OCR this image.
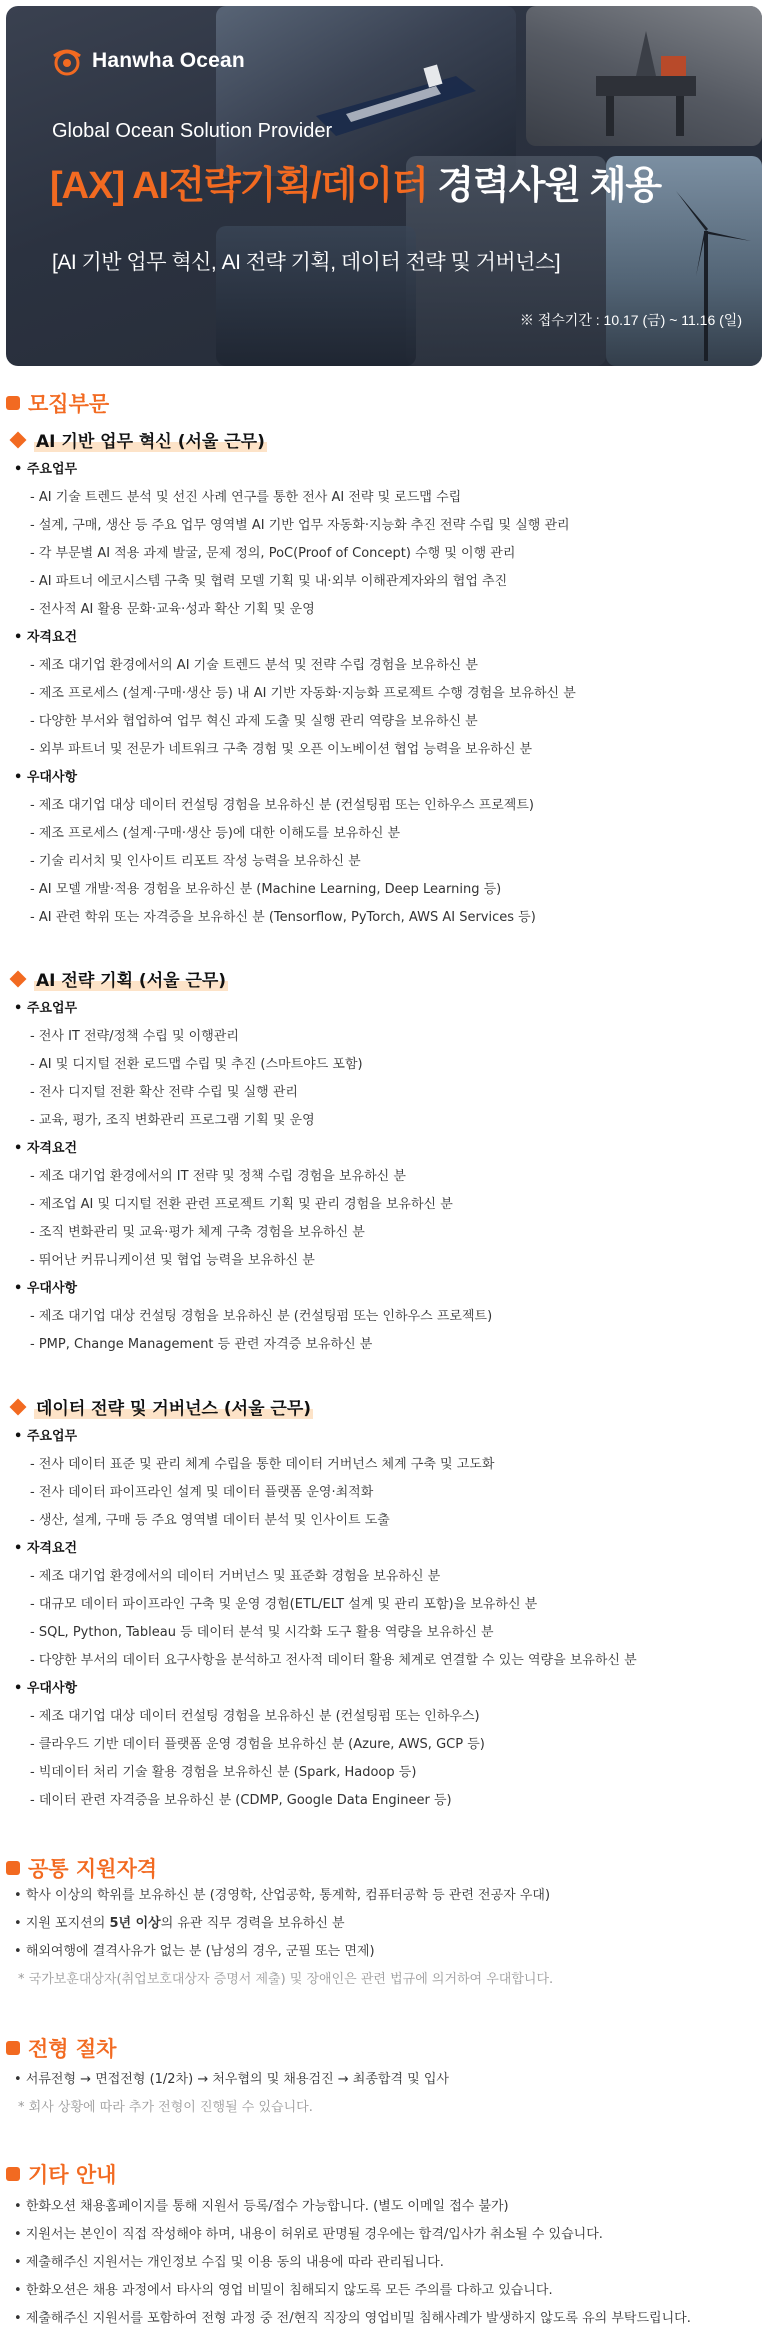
Hanwha Ocean
Global Ocean Solution Provider
[AX] AI전략기획/데이터 경력사원 채용
[AI 기반 업무 혁신, AI 전략 기획, 데이터 전략 및 거버넌스]
※ 접수기간 : 10.17 (금) ~ 11.16 (일)
모집부문
AI 기반 업무 혁신 (서울 근무)
• 주요업무
- AI 기술 트렌드 분석 및 선진 사례 연구를 통한 전사 AI 전략 및 로드맵 수립
- 설계, 구매, 생산 등 주요 업무 영역별 AI 기반 업무 자동화·지능화 추진 전략 수립 및 실행 관리
- 각 부문별 AI 적용 과제 발굴, 문제 정의, PoC(Proof of Concept) 수행 및 이행 관리
- AI 파트너 에코시스템 구축 및 협력 모델 기획 및 내·외부 이해관계자와의 협업 추진
- 전사적 AI 활용 문화·교육·성과 확산 기획 및 운영
• 자격요건
- 제조 대기업 환경에서의 AI 기술 트렌드 분석 및 전략 수립 경험을 보유하신 분
- 제조 프로세스 (설계·구매·생산 등) 내 AI 기반 자동화·지능화 프로젝트 수행 경험을 보유하신 분
- 다양한 부서와 협업하여 업무 혁신 과제 도출 및 실행 관리 역량을 보유하신 분
- 외부 파트너 및 전문가 네트워크 구축 경험 및 오픈 이노베이션 협업 능력을 보유하신 분
• 우대사항
- 제조 대기업 대상 데이터 컨설팅 경험을 보유하신 분 (컨설팅펌 또는 인하우스 프로젝트)
- 제조 프로세스 (설계·구매·생산 등)에 대한 이해도를 보유하신 분
- 기술 리서치 및 인사이트 리포트 작성 능력을 보유하신 분
- AI 모델 개발·적용 경험을 보유하신 분 (Machine Learning, Deep Learning 등)
- AI 관련 학위 또는 자격증을 보유하신 분 (Tensorflow, PyTorch, AWS AI Services 등)
AI 전략 기획 (서울 근무)
• 주요업무
- 전사 IT 전략/정책 수립 및 이행관리
- AI 및 디지털 전환 로드맵 수립 및 추진 (스마트야드 포함)
- 전사 디지털 전환 확산 전략 수립 및 실행 관리
- 교육, 평가, 조직 변화관리 프로그램 기획 및 운영
• 자격요건
- 제조 대기업 환경에서의 IT 전략 및 정책 수립 경험을 보유하신 분
- 제조업 AI 및 디지털 전환 관련 프로젝트 기획 및 관리 경험을 보유하신 분
- 조직 변화관리 및 교육·평가 체계 구축 경험을 보유하신 분
- 뛰어난 커뮤니케이션 및 협업 능력을 보유하신 분
• 우대사항
- 제조 대기업 대상 컨설팅 경험을 보유하신 분 (컨설팅펌 또는 인하우스 프로젝트)
- PMP, Change Management 등 관련 자격증 보유하신 분
데이터 전략 및 거버넌스 (서울 근무)
• 주요업무
- 전사 데이터 표준 및 관리 체계 수립을 통한 데이터 거버넌스 체계 구축 및 고도화
- 전사 데이터 파이프라인 설계 및 데이터 플랫폼 운영·최적화
- 생산, 설계, 구매 등 주요 영역별 데이터 분석 및 인사이트 도출
• 자격요건
- 제조 대기업 환경에서의 데이터 거버넌스 및 표준화 경험을 보유하신 분
- 대규모 데이터 파이프라인 구축 및 운영 경험(ETL/ELT 설계 및 관리 포함)을 보유하신 분
- SQL, Python, Tableau 등 데이터 분석 및 시각화 도구 활용 역량을 보유하신 분
- 다양한 부서의 데이터 요구사항을 분석하고 전사적 데이터 활용 체계로 연결할 수 있는 역량을 보유하신 분
• 우대사항
- 제조 대기업 대상 데이터 컨설팅 경험을 보유하신 분 (컨설팅펌 또는 인하우스)
- 클라우드 기반 데이터 플랫폼 운영 경험을 보유하신 분 (Azure, AWS, GCP 등)
- 빅데이터 처리 기술 활용 경험을 보유하신 분 (Spark, Hadoop 등)
- 데이터 관련 자격증을 보유하신 분 (CDMP, Google Data Engineer 등)
공통 지원자격
• 학사 이상의 학위를 보유하신 분 (경영학, 산업공학, 통계학, 컴퓨터공학 등 관련 전공자 우대)
• 지원 포지션의 5년 이상의 유관 직무 경력을 보유하신 분
• 해외여행에 결격사유가 없는 분 (남성의 경우, 군필 또는 면제)
* 국가보훈대상자(취업보호대상자 증명서 제출) 및 장애인은 관련 법규에 의거하여 우대합니다.
전형 절차
• 서류전형 → 면접전형 (1/2차) → 처우협의 및 채용검진 → 최종합격 및 입사
* 회사 상황에 따라 추가 전형이 진행될 수 있습니다.
기타 안내
• 한화오션 채용홈페이지를 통해 지원서 등록/접수 가능합니다. (별도 이메일 접수 불가)
• 지원서는 본인이 직접 작성해야 하며, 내용이 허위로 판명될 경우에는 합격/입사가 취소될 수 있습니다.
• 제출해주신 지원서는 개인정보 수집 및 이용 동의 내용에 따라 관리됩니다.
• 한화오션은 채용 과정에서 타사의 영업 비밀이 침해되지 않도록 모든 주의를 다하고 있습니다.
• 제출해주신 지원서를 포함하여 전형 과정 중 전/현직 직장의 영업비밀 침해사례가 발생하지 않도록 유의 부탁드립니다.
